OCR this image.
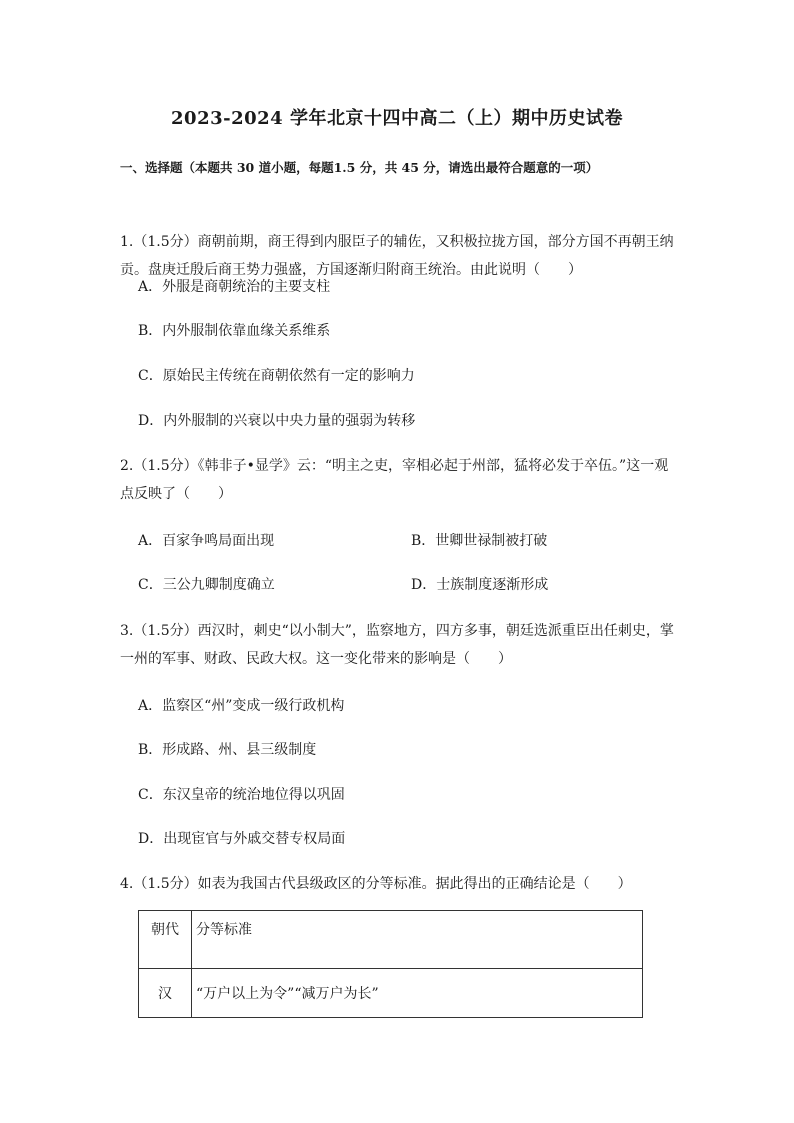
2023-2024 学年北京十四中高二（上）期中历史试卷
一、选择题（本题共 30 道小题，每题1.5 分，共 45 分，请选出最符合题意的一项）
1.（1.5分）商朝前期，商王得到内服臣子的辅佐，又积极拉拢方国，部分方国不再朝王纳
贡。盘庚迁殷后商王势力强盛，方国逐渐归附商王统治。由此说明（　　）
A．外服是商朝统治的主要支柱
B．内外服制依靠血缘关系维系
C．原始民主传统在商朝依然有一定的影响力
D．内外服制的兴衰以中央力量的强弱为转移
2.（1.5分）《韩非子•显学》云：“明主之吏，宰相必起于州部，猛将必发于卒伍。”这一观
点反映了（　　）
A．百家争鸣局面出现	B．世卿世禄制被打破
C．三公九卿制度确立	D．士族制度逐渐形成
3.（1.5分）西汉时，刺史“以小制大”，监察地方，四方多事，朝廷选派重臣出任刺史，掌
一州的军事、财政、民政大权。这一变化带来的影响是（　　）
A．监察区“州”变成一级行政机构
B．形成路、州、县三级制度
C．东汉皇帝的统治地位得以巩固
D．出现宦官与外戚交替专权局面
4.（1.5分）如表为我国古代县级政区的分等标准。据此得出的正确结论是（　　）
朝代	分等标准
汉	“万户以上为令”“减万户为长”
